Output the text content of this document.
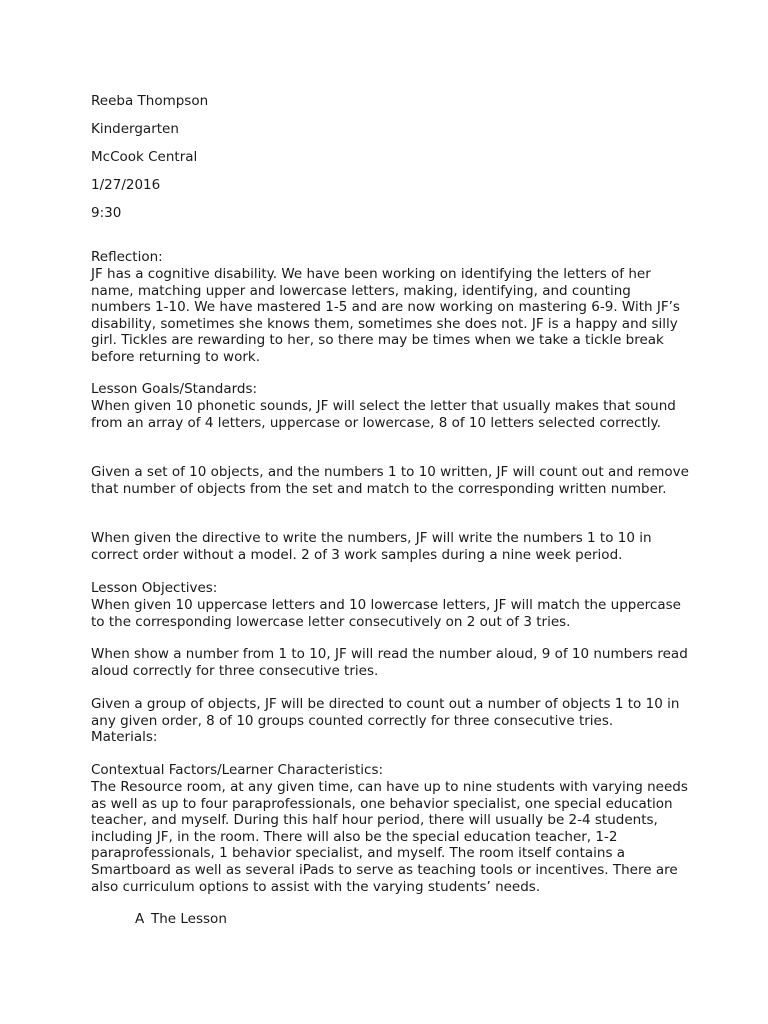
Reeba Thompson

Kindergarten

McCook Central

1/27/2016

9:30

Reflection:

JF has a cognitive disability. We have been working on identifying the letters of her name, matching upper and lowercase letters, making, identifying, and counting numbers 1-10. We have mastered 1-5 and are now working on mastering 6-9. With JF’s disability, sometimes she knows them, sometimes she does not. JF is a happy and silly girl. Tickles are rewarding to her, so there may be times when we take a tickle break before returning to work.

Lesson Goals/Standards:

When given 10 phonetic sounds, JF will select the letter that usually makes that sound from an array of 4 letters, uppercase or lowercase, 8 of 10 letters selected correctly.

Given a set of 10 objects, and the numbers 1 to 10 written, JF will count out and remove that number of objects from the set and match to the corresponding written number.

When given the directive to write the numbers, JF will write the numbers 1 to 10 in correct order without a model. 2 of 3 work samples during a nine week period.

Lesson Objectives:

When given 10 uppercase letters and 10 lowercase letters, JF will match the uppercase to the corresponding lowercase letter consecutively on 2 out of 3 tries.

When show a number from 1 to 10, JF will read the number aloud, 9 of 10 numbers read aloud correctly for three consecutive tries.

Given a group of objects, JF will be directed to count out a number of objects 1 to 10 in any given order, 8 of 10 groups counted correctly for three consecutive tries.

Materials:

Contextual Factors/Learner Characteristics:

The Resource room, at any given time, can have up to nine students with varying needs as well as up to four paraprofessionals, one behavior specialist, one special education teacher, and myself. During this half hour period, there will usually be 2-4 students, including JF, in the room. There will also be the special education teacher, 1-2 paraprofessionals, 1 behavior specialist, and myself. The room itself contains a Smartboard as well as several iPads to serve as teaching tools or incentives. There are also curriculum options to assist with the varying students’ needs.

A The Lesson
